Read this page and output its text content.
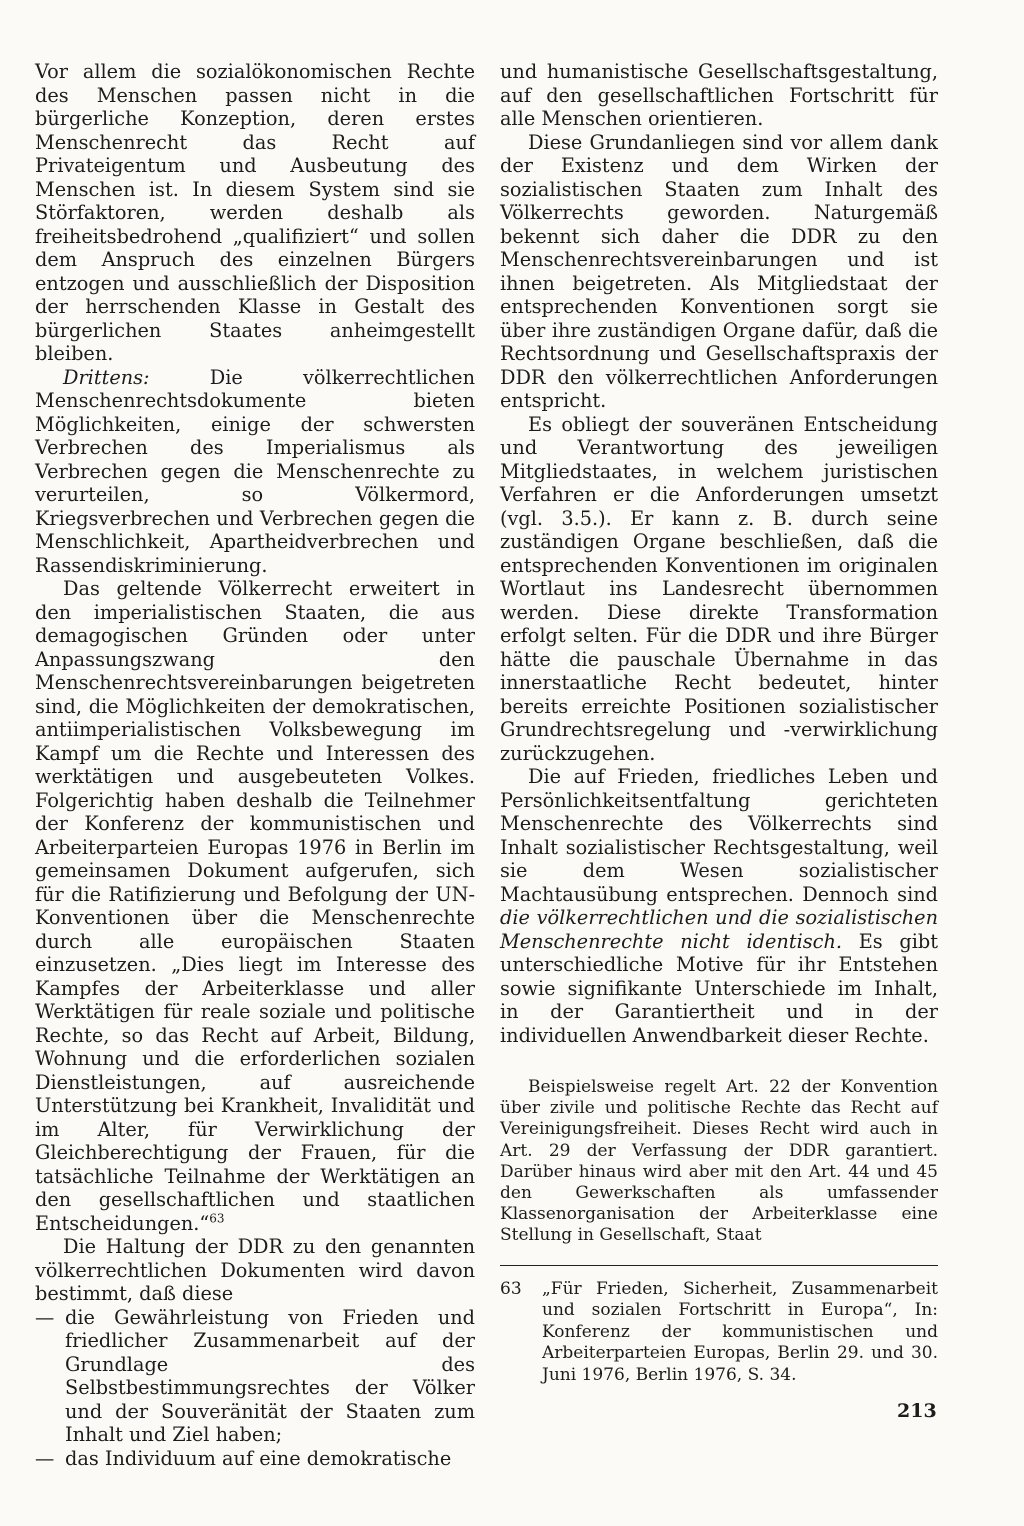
Vor allem die sozialökonomischen Rechte des Menschen passen nicht in die bürgerliche Konzeption, deren erstes Menschenrecht das Recht auf Privateigentum und Ausbeutung des Menschen ist. In diesem System sind sie Störfaktoren, werden deshalb als freiheitsbedrohend „qualifiziert“ und sollen dem Anspruch des einzelnen Bürgers entzogen und ausschließlich der Disposition der herrschenden Klasse in Gestalt des bürgerlichen Staates anheimgestellt bleiben.

Drittens: Die völkerrechtlichen Menschenrechtsdokumente bieten Möglichkeiten, einige der schwersten Verbrechen des Imperialismus als Verbrechen gegen die Menschenrechte zu verurteilen, so Völkermord, Kriegsverbrechen und Verbrechen gegen die Menschlichkeit, Apartheidverbrechen und Rassendiskriminierung.

Das geltende Völkerrecht erweitert in den imperialistischen Staaten, die aus demagogischen Gründen oder unter Anpassungszwang den Menschenrechtsvereinbarungen beigetreten sind, die Möglichkeiten der demokratischen, antiimperialistischen Volksbewegung im Kampf um die Rechte und Interessen des werktätigen und ausgebeuteten Volkes. Folgerichtig haben deshalb die Teilnehmer der Konferenz der kommunistischen und Arbeiterparteien Europas 1976 in Berlin im gemeinsamen Dokument aufgerufen, sich für die Ratifizierung und Befolgung der UN-Konventionen über die Menschenrechte durch alle europäischen Staaten einzusetzen. „Dies liegt im Interesse des Kampfes der Arbeiterklasse und aller Werktätigen für reale soziale und politische Rechte, so das Recht auf Arbeit, Bildung, Wohnung und die erforderlichen sozialen Dienstleistungen, auf ausreichende Unterstützung bei Krankheit, Invalidität und im Alter, für Verwirklichung der Gleichberechtigung der Frauen, für die tatsächliche Teilnahme der Werktätigen an den gesellschaftlichen und staatlichen Entscheidungen.“$^{63}$

Die Haltung der DDR zu den genannten völkerrechtlichen Dokumenten wird davon bestimmt, daß diese

— die Gewährleistung von Frieden und friedlicher Zusammenarbeit auf der Grundlage des Selbstbestimmungsrechtes der Völker und der Souveränität der Staaten zum Inhalt und Ziel haben;
— das Individuum auf eine demokratische

und humanistische Gesellschaftsgestaltung, auf den gesellschaftlichen Fortschritt für alle Menschen orientieren.

Diese Grundanliegen sind vor allem dank der Existenz und dem Wirken der sozialistischen Staaten zum Inhalt des Völkerrechts geworden. Naturgemäß bekennt sich daher die DDR zu den Menschenrechtsvereinbarungen und ist ihnen beigetreten. Als Mitgliedstaat der entsprechenden Konventionen sorgt sie über ihre zuständigen Organe dafür, daß die Rechtsordnung und Gesellschaftspraxis der DDR den völkerrechtlichen Anforderungen entspricht.

Es obliegt der souveränen Entscheidung und Verantwortung des jeweiligen Mitgliedstaates, in welchem juristischen Verfahren er die Anforderungen umsetzt (vgl. 3.5.). Er kann z. B. durch seine zuständigen Organe beschließen, daß die entsprechenden Konventionen im originalen Wortlaut ins Landesrecht übernommen werden. Diese direkte Transformation erfolgt selten. Für die DDR und ihre Bürger hätte die pauschale Übernahme in das innerstaatliche Recht bedeutet, hinter bereits erreichte Positionen sozialistischer Grundrechtsregelung und -verwirklichung zurückzugehen.

Die auf Frieden, friedliches Leben und Persönlichkeitsentfaltung gerichteten Menschenrechte des Völkerrechts sind Inhalt sozialistischer Rechtsgestaltung, weil sie dem Wesen sozialistischer Machtausübung entsprechen. Dennoch sind die völkerrechtlichen und die sozialistischen Menschenrechte nicht identisch. Es gibt unterschiedliche Motive für ihr Entstehen sowie signifikante Unterschiede im Inhalt, in der Garantiertheit und in der individuellen Anwendbarkeit dieser Rechte.

Beispielsweise regelt Art. 22 der Konvention über zivile und politische Rechte das Recht auf Vereinigungsfreiheit. Dieses Recht wird auch in Art. 29 der Verfassung der DDR garantiert. Darüber hinaus wird aber mit den Art. 44 und 45 den Gewerkschaften als umfassender Klassenorganisation der Arbeiterklasse eine Stellung in Gesellschaft, Staat

63	„Für Frieden, Sicherheit, Zusammenarbeit und sozialen Fortschritt in Europa“, In: Konferenz der kommunistischen und Arbeiterparteien Europas, Berlin 29. und 30. Juni 1976, Berlin 1976, S. 34.
213
